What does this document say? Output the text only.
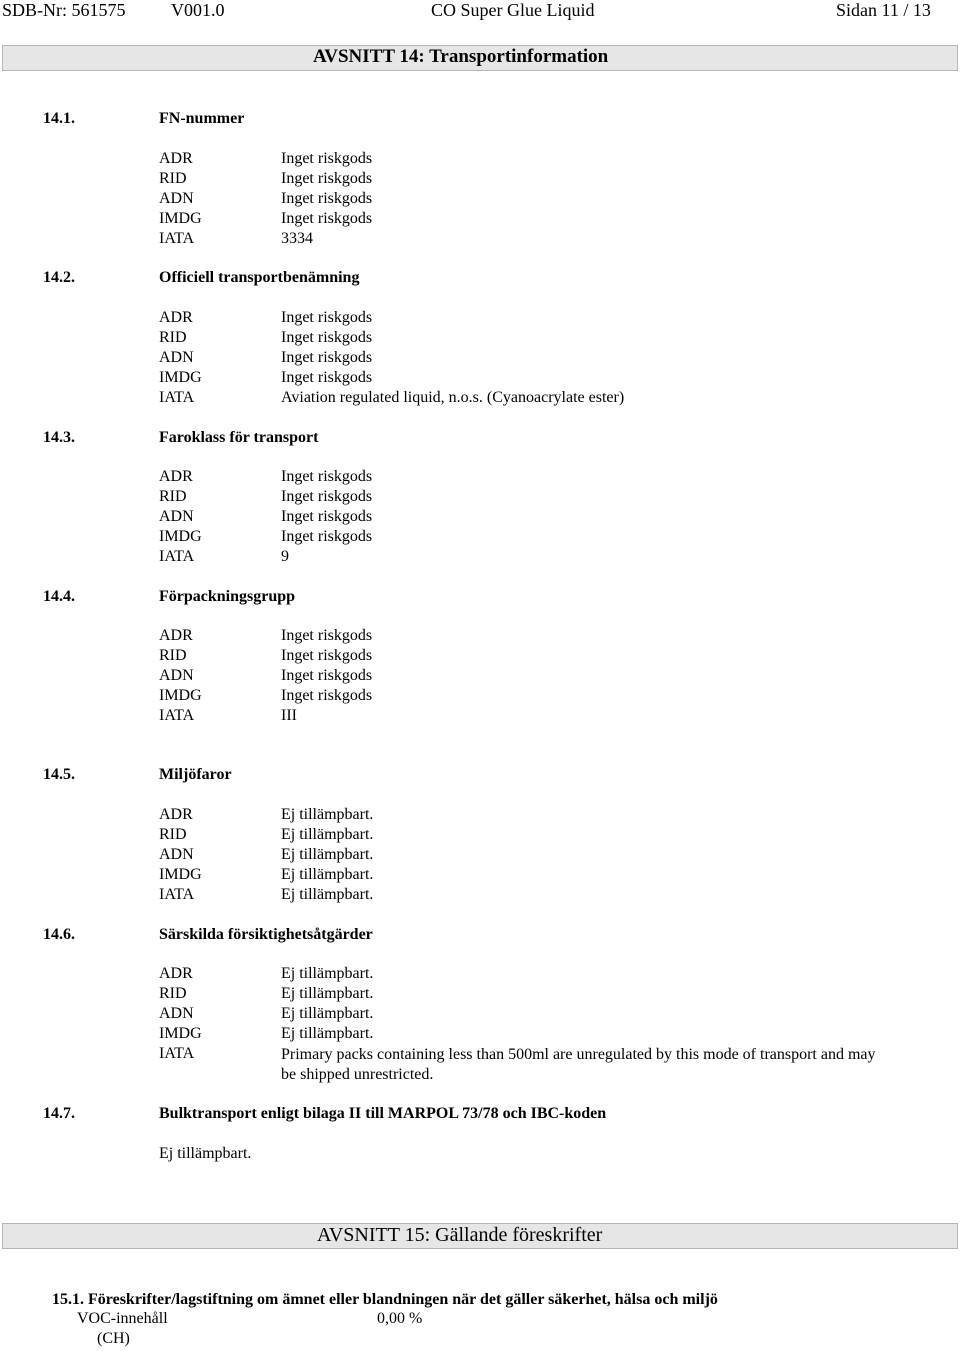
SDB-Nr: 561575	V001.0	CO Super Glue Liquid	Sidan 11 / 13
AVSNITT 14: Transportinformation
14.1.	FN-nummer
ADR	Inget riskgods
RID	Inget riskgods
ADN	Inget riskgods
IMDG	Inget riskgods
IATA	3334
14.2.	Officiell transportbenämning
ADR	Inget riskgods
RID	Inget riskgods
ADN	Inget riskgods
IMDG	Inget riskgods
IATA	Aviation regulated liquid, n.o.s. (Cyanoacrylate ester)
14.3.	Faroklass för transport
ADR	Inget riskgods
RID	Inget riskgods
ADN	Inget riskgods
IMDG	Inget riskgods
IATA	9
14.4.	Förpackningsgrupp
ADR	Inget riskgods
RID	Inget riskgods
ADN	Inget riskgods
IMDG	Inget riskgods
IATA	III
14.5.	Miljöfaror
ADR	Ej tillämpbart.
RID	Ej tillämpbart.
ADN	Ej tillämpbart.
IMDG	Ej tillämpbart.
IATA	Ej tillämpbart.
14.6.	Särskilda försiktighetsåtgärder
ADR	Ej tillämpbart.
RID	Ej tillämpbart.
ADN	Ej tillämpbart.
IMDG	Ej tillämpbart.
IATA	Primary packs containing less than 500ml are unregulated by this mode of transport and may be shipped unrestricted.
14.7.	Bulktransport enligt bilaga II till MARPOL 73/78 och IBC-koden
Ej tillämpbart.
AVSNITT 15: Gällande föreskrifter
15.1. Föreskrifter/lagstiftning om ämnet eller blandningen när det gäller säkerhet, hälsa och miljö
VOC-innehåll	0,00 %
(CH)
